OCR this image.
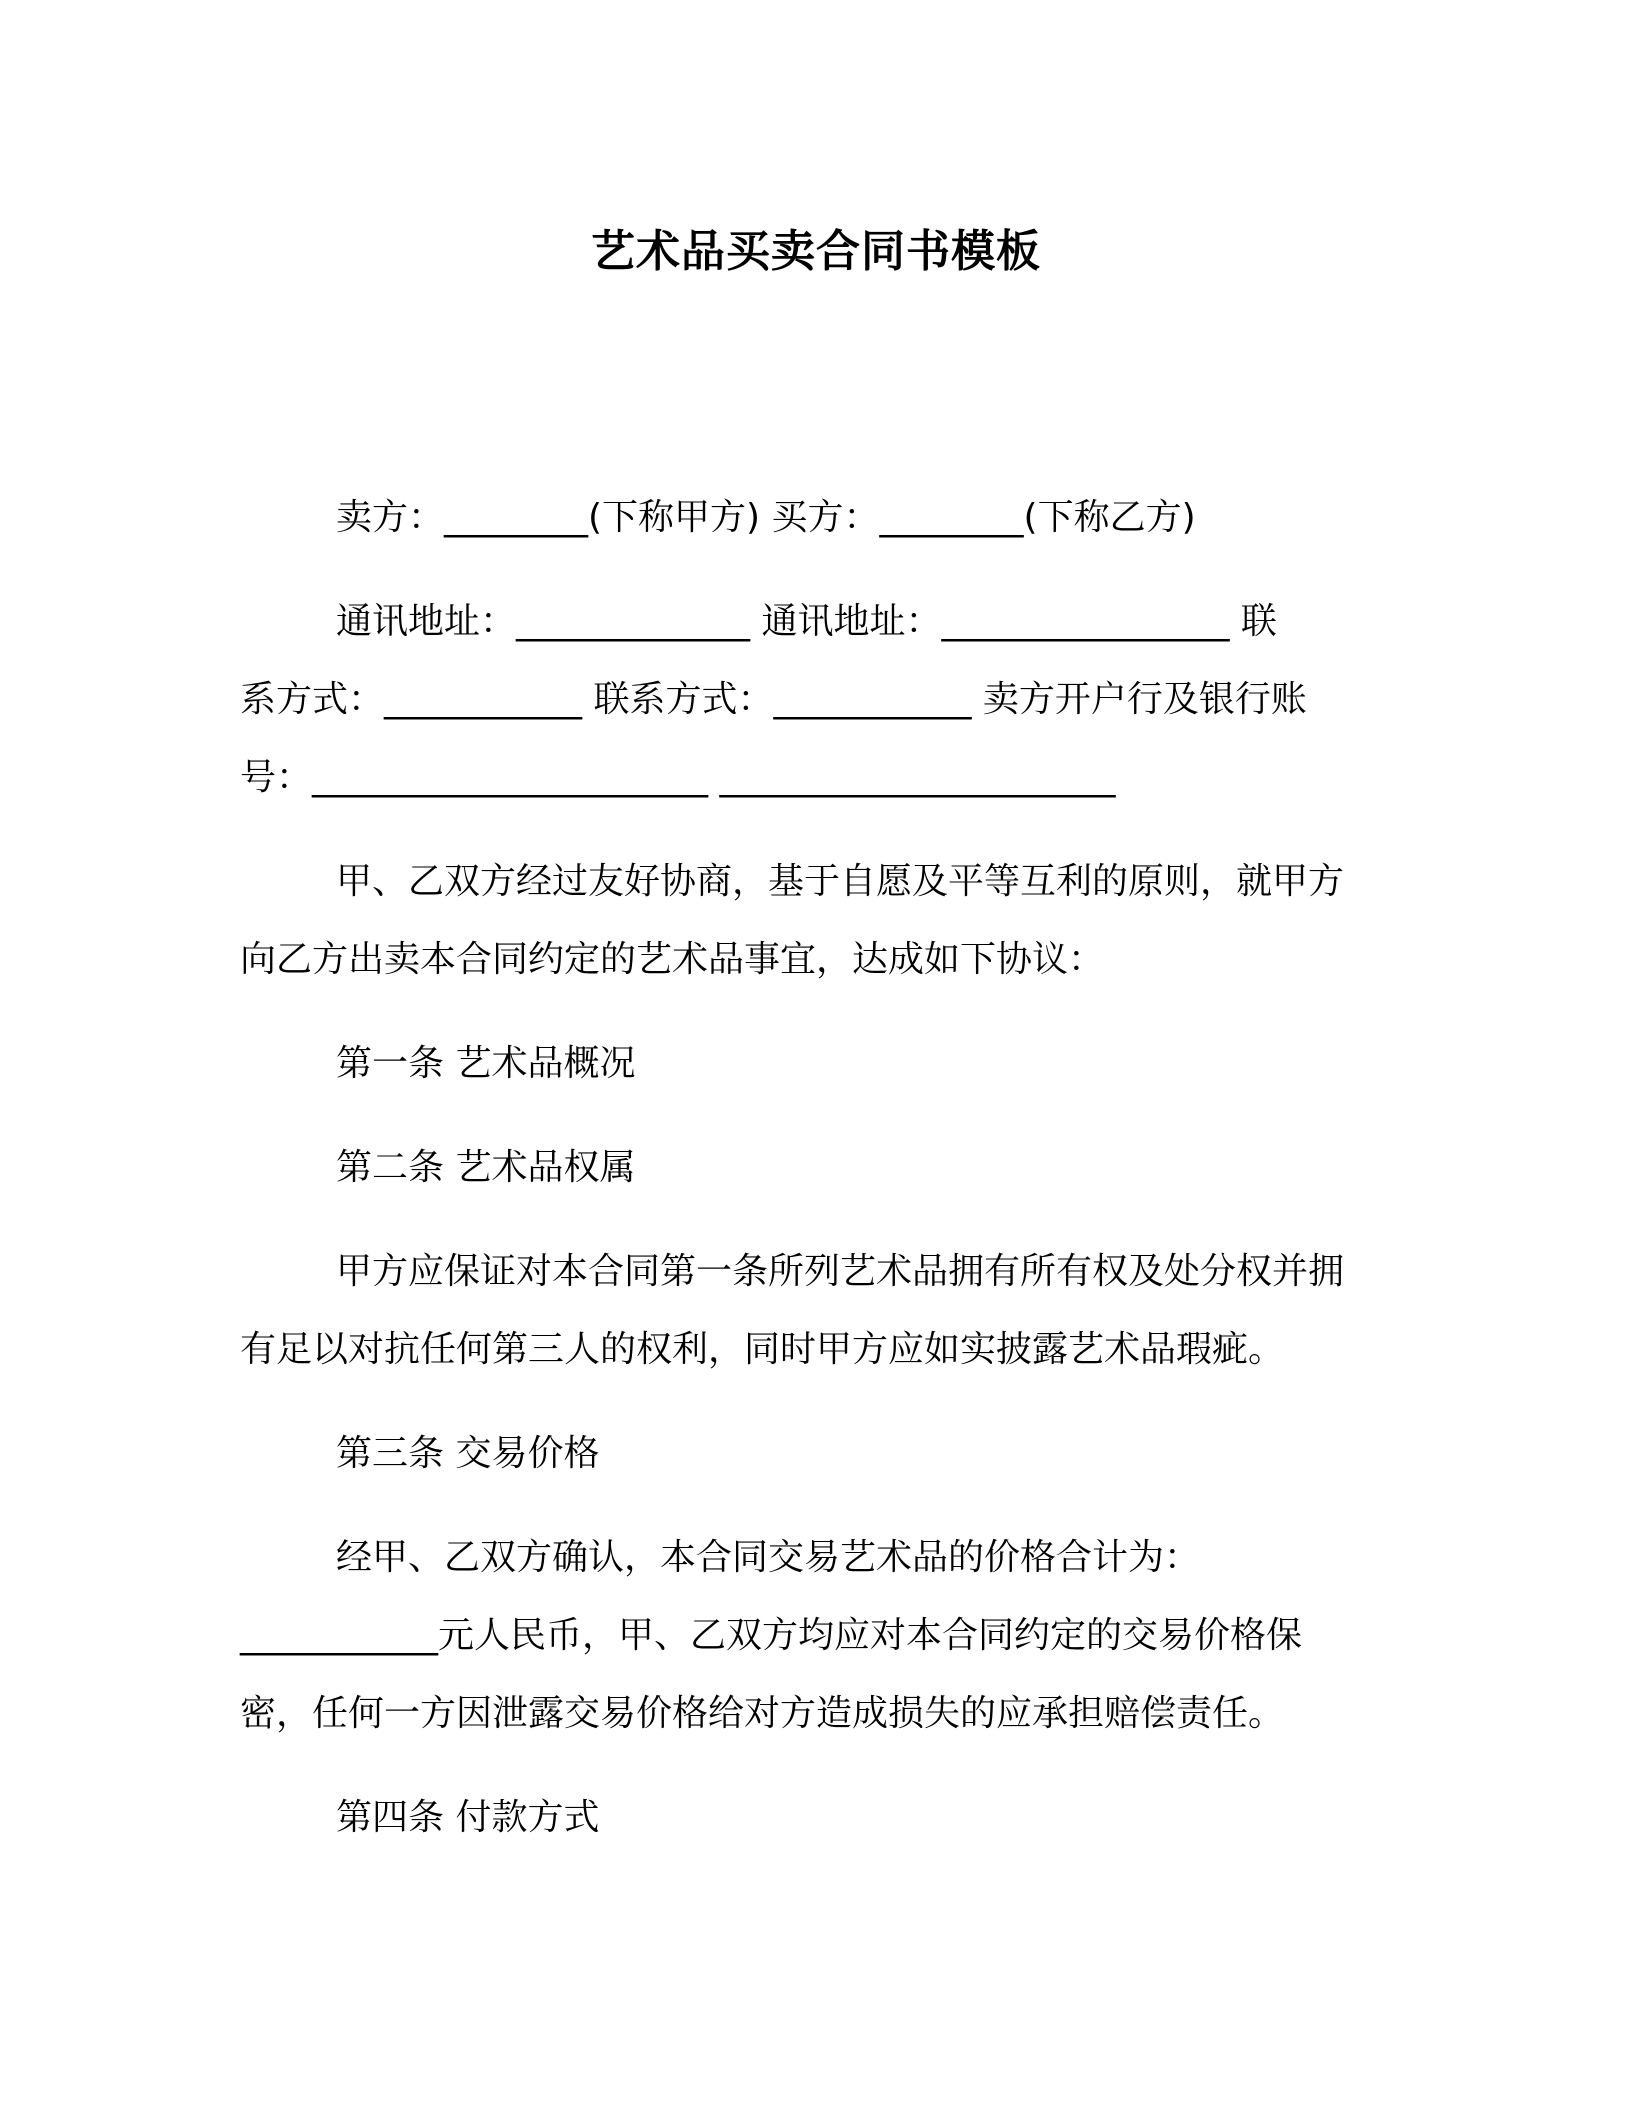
艺术品买卖合同书模板
卖方：________(下称甲方) 买方：________(下称乙方)
通讯地址：_____________ 通讯地址：________________ 联
系方式：___________ 联系方式：___________ 卖方开户行及银行账
号：______________________ ______________________
甲、乙双方经过友好协商，基于自愿及平等互利的原则，就甲方
向乙方出卖本合同约定的艺术品事宜，达成如下协议：
第一条 艺术品概况
第二条 艺术品权属
甲方应保证对本合同第一条所列艺术品拥有所有权及处分权并拥
有足以对抗任何第三人的权利，同时甲方应如实披露艺术品瑕疵。
第三条 交易价格
经甲、乙双方确认，本合同交易艺术品的价格合计为：
___________元人民币，甲、乙双方均应对本合同约定的交易价格保
密，任何一方因泄露交易价格给对方造成损失的应承担赔偿责任。
第四条 付款方式
